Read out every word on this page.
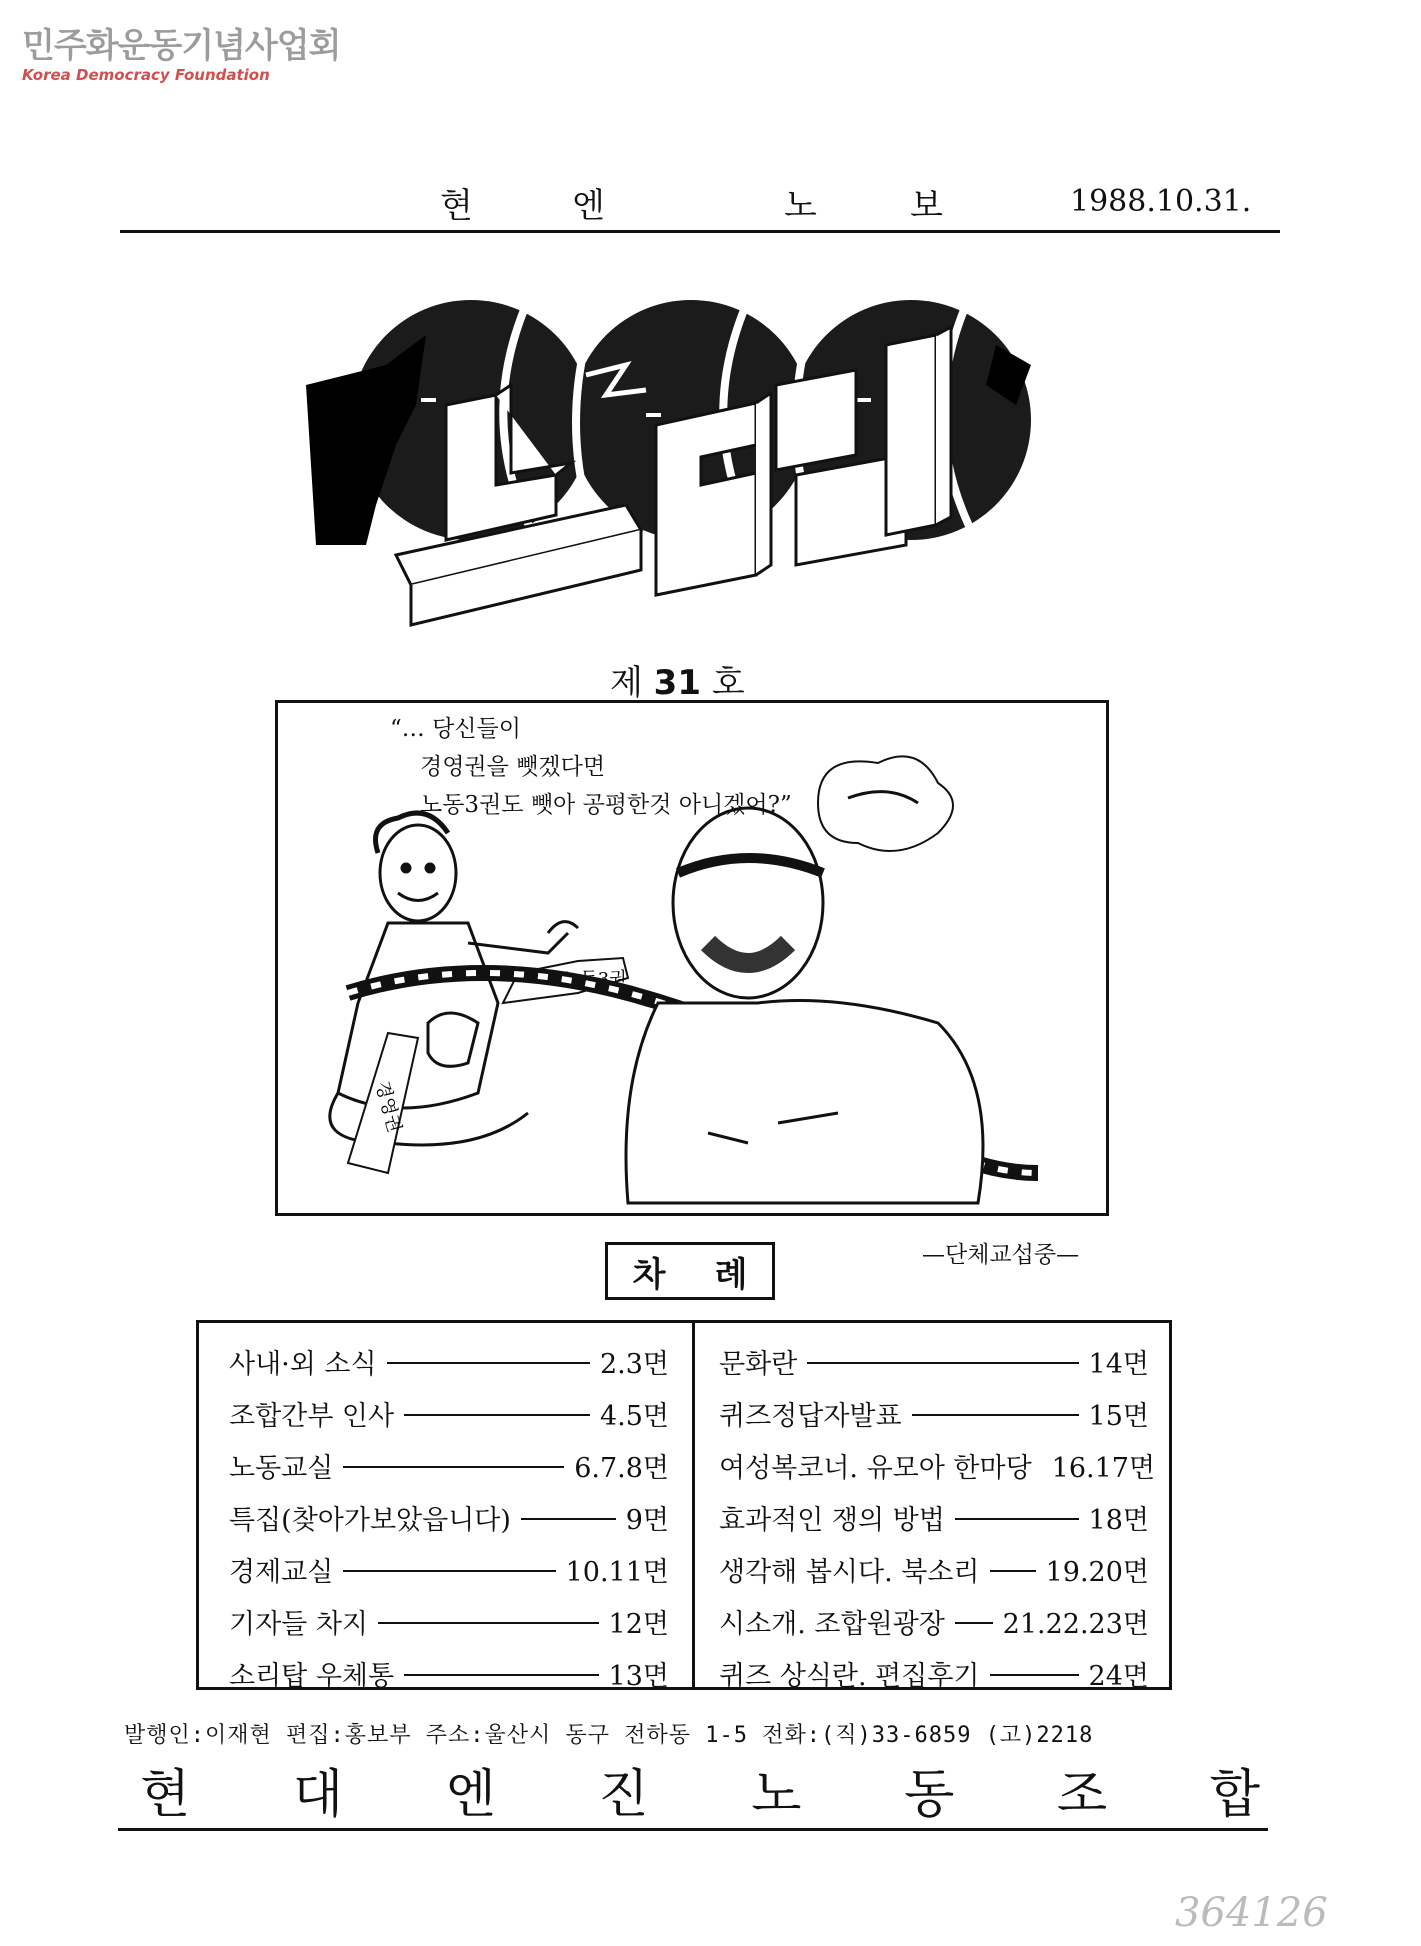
민주화운동기념사업회
Korea Democracy Foundation
현	엔	노	보	1988.10.31.
제 31 호
노동3권
경영권
“… 당신들이
경영권을 뺏겠다면
노동3권도 뺏아 공평한것 아니겠어?”
—단체교섭중—
차 례
사내·외 소식	2.3면
조합간부 인사	4.5면
노동교실	6.7.8면
특집(찾아가보았읍니다)	9면
경제교실	10.11면
기자들 차지	12면
소리탑 우체통	13면
문화란	14면
퀴즈정답자발표	15면
여성복코너. 유모아 한마당 16.17면
효과적인 쟁의 방법	18면
생각해 봅시다. 북소리 19.20면
시소개. 조합원광장 21.22.23면
퀴즈 상식란. 편집후기	24면
발행인:이재현 편집:홍보부 주소:울산시 동구 전하동 1-5 전화:(직)33-6859 (고)2218
현 대 엔 진 노 동 조 합
364126
